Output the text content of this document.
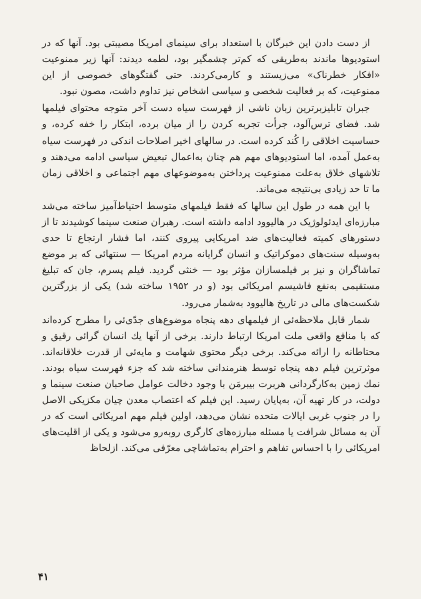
از دست دادن این خبرگان با استعداد برای سینمای امریکا مصیبتی بود. آنها که در استودیوها ماندند به‌طریقی که کم‌تر چشمگیر بود، لطمه دیدند: آنها زیر ممنوعیت «افکار خطرناک» می‌زیستند و کارمی‌کردند. حتی گفتگوهای خصوصی از این ممنوعیت، که بر فعالیت شخصی و سیاسی اشخاص نیز تداوم داشت، مصون نبود.

جبران تابلیزبرترین زبان ناشی از فهرست سیاه دست آخر متوجه محتوای فیلمها شد. فضای ترس‌آلود، جرأت تجربه کردن را از میان برده، ابتکار را خفه کرده، و حساسیت اخلاقی را کُند کرده است. در سالهای اخیر اصلاحات اندکی در فهرست سیاه به‌عمل آمده، اما استودیوهای مهم هم چنان به‌اعمال تبعیض سیاسی ادامه می‌دهند و تلاشهای خلاق به‌علت ممنوعیت پرداختن به‌موضوعهای مهم اجتماعی و اخلاقی زمان ما تا حد زیادی بی‌نتیجه می‌ماند.

با این همه در طول این سالها که فقط فیلمهای متوسط احتیاط‌آمیز ساخته می‌شد مبارزه‌ای ایدئولوژیک در هالیوود ادامه داشته است. رهبران صنعت سینما کوشیدند تا از دستورهای کمیته فعالیت‌های ضد امریکایی پیروی کنند، اما فشار ارتجاع تا حدی به‌وسیله سنت‌های دموکراتیک و انسان گرایانه مردم امریکا — سنتهائی که بر موضع تماشاگران و نیز بر فیلمسازان مؤثر بود — خنثی گردید. فیلم پسرم، جان که تبلیغ مستقیمی به‌نفع فاشیسم امریکائی بود (و در ۱۹۵۲ ساخته شد) یکی از بزرگترین شکست‌های مالی در تاریخ هالیوود به‌شمار می‌رود.

شمار قابل ملاحظه‌ئی از فیلمهای دهه پنجاه موضوع‌های جدّی‌ئی را مطرح کرده‌اند که با منافع واقعی ملت امریکا ارتباط دارند. برخی از آنها یك انسان گرائی رقیق و محتاطانه را ارائه می‌کند. برخی دیگر محتوی شهامت و مایه‌ئی از قدرت خلاقانه‌اند. موثرترین فیلم دهه پنجاه توسط هنرمندانی ساخته شد که جزء فهرست سیاه بودند. نمك زمین به‌کارگردانی هربرت بیبرمَن با وجود دخالت عوامل صاحبان صنعت سینما و دولت، در کار تهیه آن، به‌پایان رسید. این فیلم که اعتصاب معدن چیان مکزیکی الاصل را در جنوب غربی ایالات متحده نشان می‌دهد، اولین فیلم مهم امریکائی است که در آن به‌ مسائل شرافت یا مسئله مبارزه‌های کارگری روبه‌رو می‌شود و یکی از اقلیت‌های امریکائی را با احساس تفاهم و احترام به‌تماشاچی معرّفی می‌کند. ازلحاظ

۴۱
